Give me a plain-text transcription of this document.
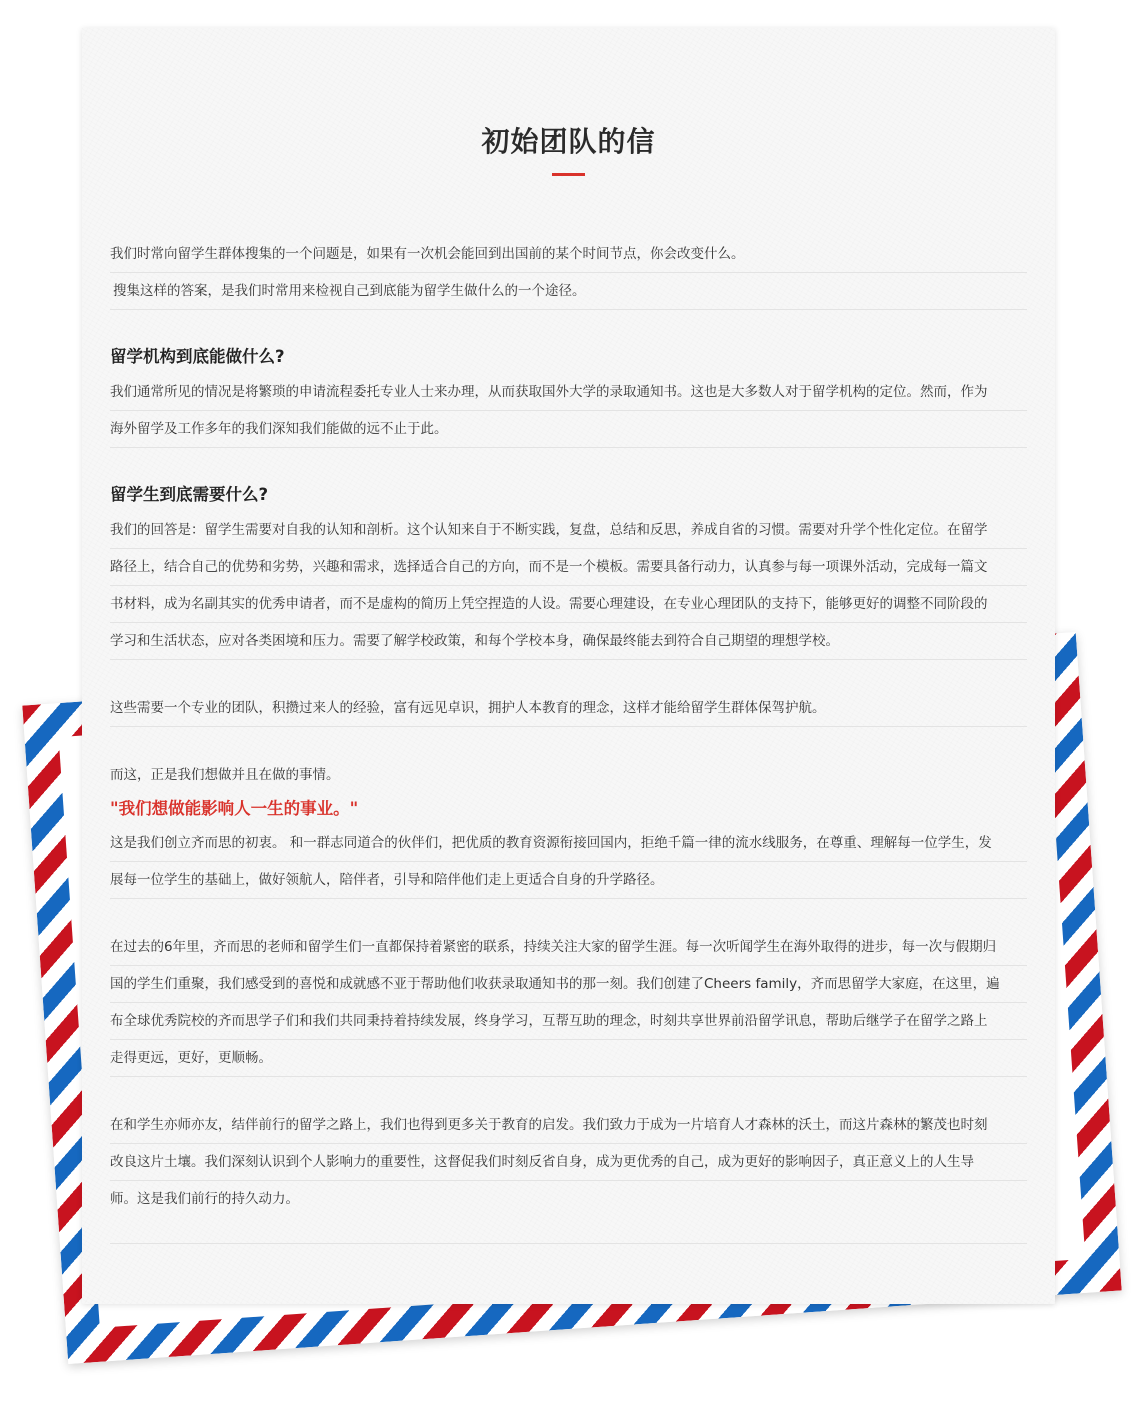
初始团队的信
我们时常向留学生群体搜集的一个问题是，如果有一次机会能回到出国前的某个时间节点，你会改变什么。
搜集这样的答案，是我们时常用来检视自己到底能为留学生做什么的一个途径。
留学机构到底能做什么?
我们通常所见的情况是将繁琐的申请流程委托专业人士来办理，从而获取国外大学的录取通知书。这也是大多数人对于留学机构的定位。然而，作为
海外留学及工作多年的我们深知我们能做的远不止于此。
留学生到底需要什么?
我们的回答是：留学生需要对自我的认知和剖析。这个认知来自于不断实践，复盘，总结和反思，养成自省的习惯。需要对升学个性化定位。在留学
路径上，结合自己的优势和劣势，兴趣和需求，选择适合自己的方向，而不是一个模板。需要具备行动力，认真参与每一项课外活动，完成每一篇文
书材料，成为名副其实的优秀申请者，而不是虚构的简历上凭空捏造的人设。需要心理建设，在专业心理团队的支持下，能够更好的调整不同阶段的
学习和生活状态，应对各类困境和压力。需要了解学校政策，和每个学校本身，确保最终能去到符合自己期望的理想学校。
这些需要一个专业的团队，积攒过来人的经验，富有远见卓识，拥护人本教育的理念，这样才能给留学生群体保驾护航。
而这，正是我们想做并且在做的事情。
"我们想做能影响人一生的事业。"
这是我们创立齐而思的初衷。 和一群志同道合的伙伴们，把优质的教育资源衔接回国内，拒绝千篇一律的流水线服务，在尊重、理解每一位学生，发
展每一位学生的基础上，做好领航人，陪伴者，引导和陪伴他们走上更适合自身的升学路径。
在过去的6年里，齐而思的老师和留学生们一直都保持着紧密的联系，持续关注大家的留学生涯。每一次听闻学生在海外取得的进步，每一次与假期归
国的学生们重聚，我们感受到的喜悦和成就感不亚于帮助他们收获录取通知书的那一刻。我们创建了Cheers family，齐而思留学大家庭，在这里，遍
布全球优秀院校的齐而思学子们和我们共同秉持着持续发展，终身学习，互帮互助的理念，时刻共享世界前沿留学讯息，帮助后继学子在留学之路上
走得更远，更好，更顺畅。
在和学生亦师亦友，结伴前行的留学之路上，我们也得到更多关于教育的启发。我们致力于成为一片培育人才森林的沃土，而这片森林的繁茂也时刻
改良这片土壤。我们深刻认识到个人影响力的重要性，这督促我们时刻反省自身，成为更优秀的自己，成为更好的影响因子，真正意义上的人生导
师。这是我们前行的持久动力。
